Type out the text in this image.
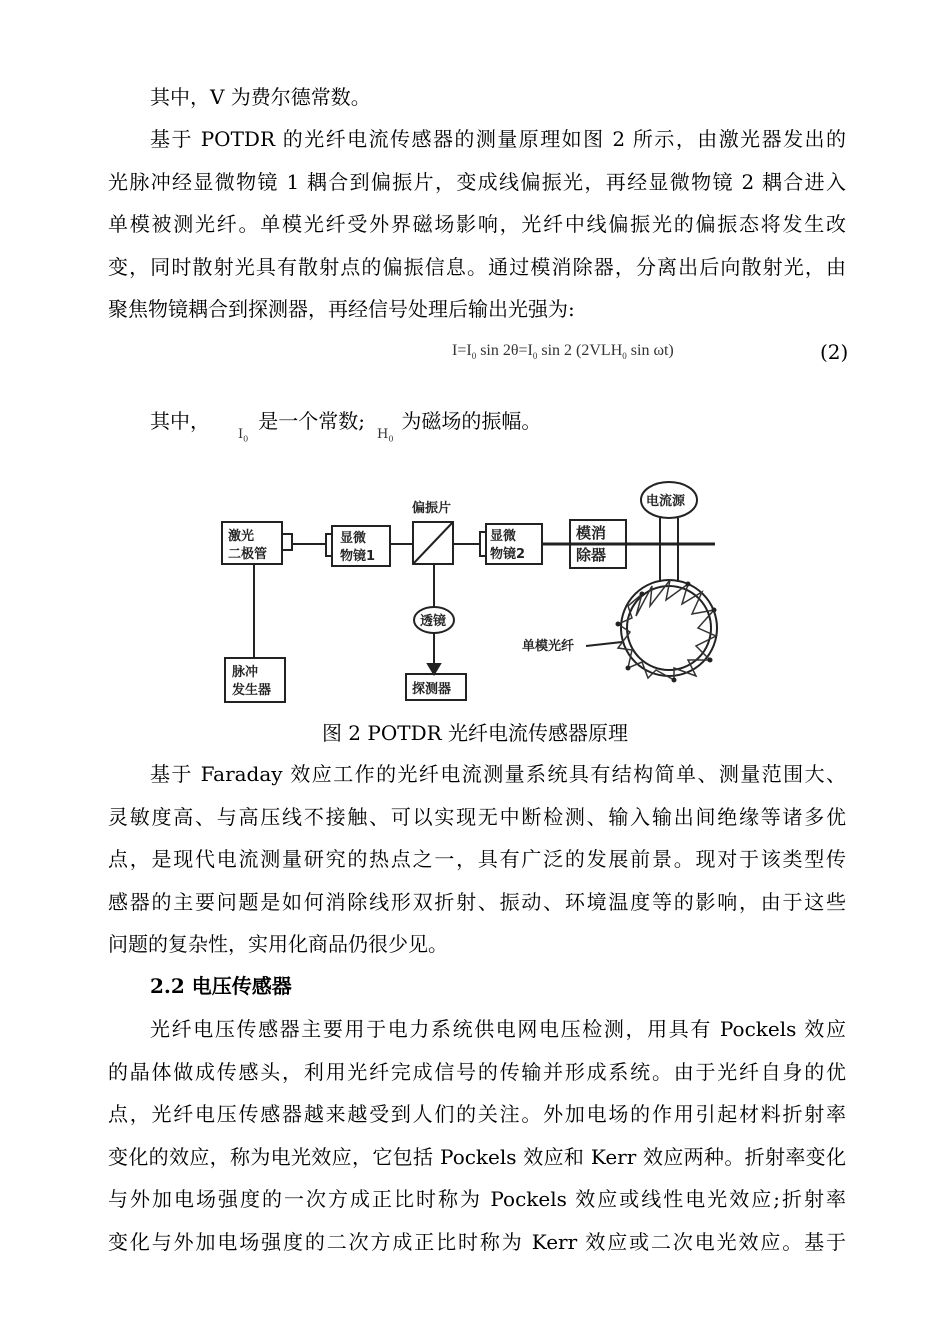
其中，V 为费尔德常数。
基于 POTDR 的光纤电流传感器的测量原理如图 2 所示，由激光器发出的
光脉冲经显微物镜 1 耦合到偏振片，变成线偏振光，再经显微物镜 2 耦合进入
单模被测光纤。单模光纤受外界磁场影响，光纤中线偏振光的偏振态将发生改
变，同时散射光具有散射点的偏振信息。通过模消除器，分离出后向散射光，由
聚焦物镜耦合到探测器，再经信号处理后输出光强为:
$I=I_0$ $\sin 2\theta=I_0$ sin 2 ($2VLH_0$ sin ωt)	(2)
其中，$_{I_0}$是一个常数$;_{H_0}$为磁场的振幅。
激光
二极管
显微
物镜1
偏振片
显微
物镜2
模消
除器
电流源
透镜
脉冲
发生器	探测器
单模光纤
图 2 POTDR 光纤电流传感器原理
基于 Faraday 效应工作的光纤电流测量系统具有结构简单、测量范围大、
灵敏度高、与高压线不接触、可以实现无中断检测、输入输出间绝缘等诸多优
点，是现代电流测量研究的热点之一，具有广泛的发展前景。现对于该类型传
感器的主要问题是如何消除线形双折射、振动、环境温度等的影响，由于这些
问题的复杂性，实用化商品仍很少见。
2.2 电压传感器
光纤电压传感器主要用于电力系统供电网电压检测，用具有 Pockels 效应
的晶体做成传感头，利用光纤完成信号的传输并形成系统。由于光纤自身的优
点，光纤电压传感器越来越受到人们的关注。外加电场的作用引起材料折射率
变化的效应，称为电光效应，它包括 Pockels 效应和 Kerr 效应两种。折射率变化
与外加电场强度的一次方成正比时称为 Pockels 效应或线性电光效应;折射率
变化与外加电场强度的二次方成正比时称为 Kerr 效应或二次电光效应。基于
